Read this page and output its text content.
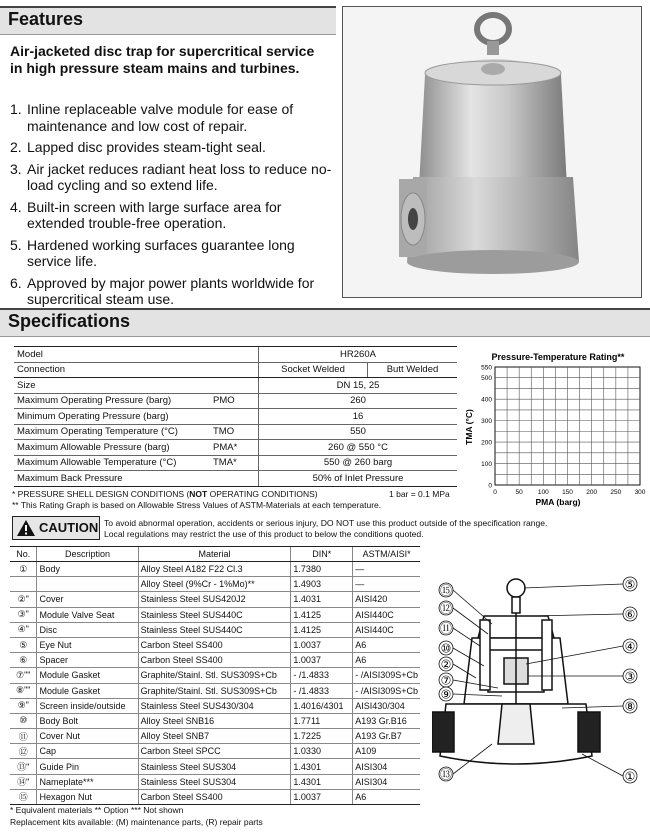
Features
Air-jacketed disc trap for supercritical service in high pressure steam mains and turbines.
1. Inline replaceable valve module for ease of maintenance and low cost of repair.
2. Lapped disc provides steam-tight seal.
3. Air jacket reduces radiant heat loss to reduce no-load cycling and so extend life.
4. Built-in screen with large surface area for extended trouble-free operation.
5. Hardened working surfaces guarantee long service life.
6. Approved by major power plants worldwide for supercritical steam use.
Specifications
Model		HR260A	
Connection		Socket Welded	Butt Welded
Size		DN 15, 25	
Maximum Operating Pressure (barg)	PMO	260	
Minimum Operating Pressure (barg)		16	
Maximum Operating Temperature (°C)	TMO	550	
Maximum Allowable Pressure (barg)	PMA*	260 @ 550 °C	
Maximum Allowable Temperature (°C)	TMA*	550 @ 260 barg	
Maximum Back Pressure		50% of Inlet Pressure	
* PRESSURE SHELL DESIGN CONDITIONS (NOT OPERATING CONDITIONS)	1 bar = 0.1 MPa
** This Rating Graph is based on Allowable Stress Values of ASTM-Materials at each temperature.
Pressure-Temperature Rating**
0
100
200
300
400
500
550
0	50 100 150 200 250 300
PMA (barg)
TMA (°C)
CAUTION To avoid abnormal operation, accidents or serious injury, DO NOT use this product outside of the specification range.
Local regulations may restrict the use of this product to below the conditions quoted.
No.	Description	Material	DIN*	ASTM/AISI*
①	Body	Alloy Steel A182 F22 Cl.3	1.7380	—
		Alloy Steel (9%Cr - 1%Mo)**	1.4903	—
②ʺ	Cover	Stainless Steel SUS420J2	1.4031	AISI420
③ʺ	Module Valve Seat	Stainless Steel SUS440C	1.4125	AISI440C
④ʺ	Disc	Stainless Steel SUS440C	1.4125	AISI440C
⑤	Eye Nut	Carbon Steel SS400	1.0037	A6
⑥	Spacer	Carbon Steel SS400	1.0037	A6
⑦ʺʺ	Module Gasket	Graphite/Stainl. Stl. SUS309S+Cb	- /1.4833	- /AISI309S+Cb
⑧ʺʺ	Module Gasket	Graphite/Stainl. Stl. SUS309S+Cb	- /1.4833	- /AISI309S+Cb
⑨ʺ	Screen inside/outside	Stainless Steel SUS430/304	1.4016/4301	AISI430/304
⑩	Body Bolt	Alloy Steel SNB16	1.7711	A193 Gr.B16
⑪	Cover Nut	Alloy Steel SNB7	1.7225	A193 Gr.B7
⑫	Cap	Carbon Steel SPCC	1.0330	A109
⑬ʺ	Guide Pin	Stainless Steel SUS304	1.4301	AISI304
⑭ʺ	Nameplate***	Stainless Steel SUS304	1.4301	AISI304
⑮	Hexagon Nut	Carbon Steel SS400	1.0037	A6
* Equivalent materials ** Option *** Not shown
Replacement kits available: (M) maintenance parts, (R) repair parts
⑮
⑫
⑪
⑩
②
⑦
⑨
⑤
⑥
④
③
⑧
①
⑬
